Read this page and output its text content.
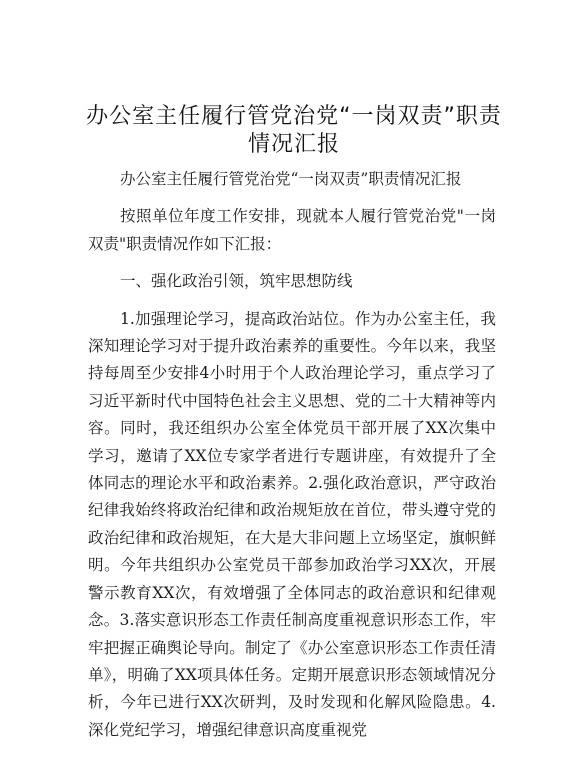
办公室主任履行管党治党“一岗双责”职责情况汇报

办公室主任履行管党治党“一岗双责”职责情况汇报

按照单位年度工作安排，现就本人履行管党治党"一岗双责"职责情况作如下汇报：

一、强化政治引领，筑牢思想防线

1.加强理论学习，提高政治站位。作为办公室主任，我深知理论学习对于提升政治素养的重要性。今年以来，我坚持每周至少安排4小时用于个人政治理论学习，重点学习了习近平新时代中国特色社会主义思想、党的二十大精神等内容。同时，我还组织办公室全体党员干部开展了XX次集中学习，邀请了XX位专家学者进行专题讲座，有效提升了全体同志的理论水平和政治素养。2.强化政治意识，严守政治纪律我始终将政治纪律和政治规矩放在首位，带头遵守党的政治纪律和政治规矩，在大是大非问题上立场坚定，旗帜鲜明。今年共组织办公室党员干部参加政治学习XX次，开展警示教育XX次，有效增强了全体同志的政治意识和纪律观念。3.落实意识形态工作责任制高度重视意识形态工作，牢牢把握正确舆论导向。制定了《办公室意识形态工作责任清单》，明确了XX项具体任务。定期开展意识形态领域情况分析，今年已进行XX次研判，及时发现和化解风险隐患。4.深化党纪学习，增强纪律意识高度重视党
